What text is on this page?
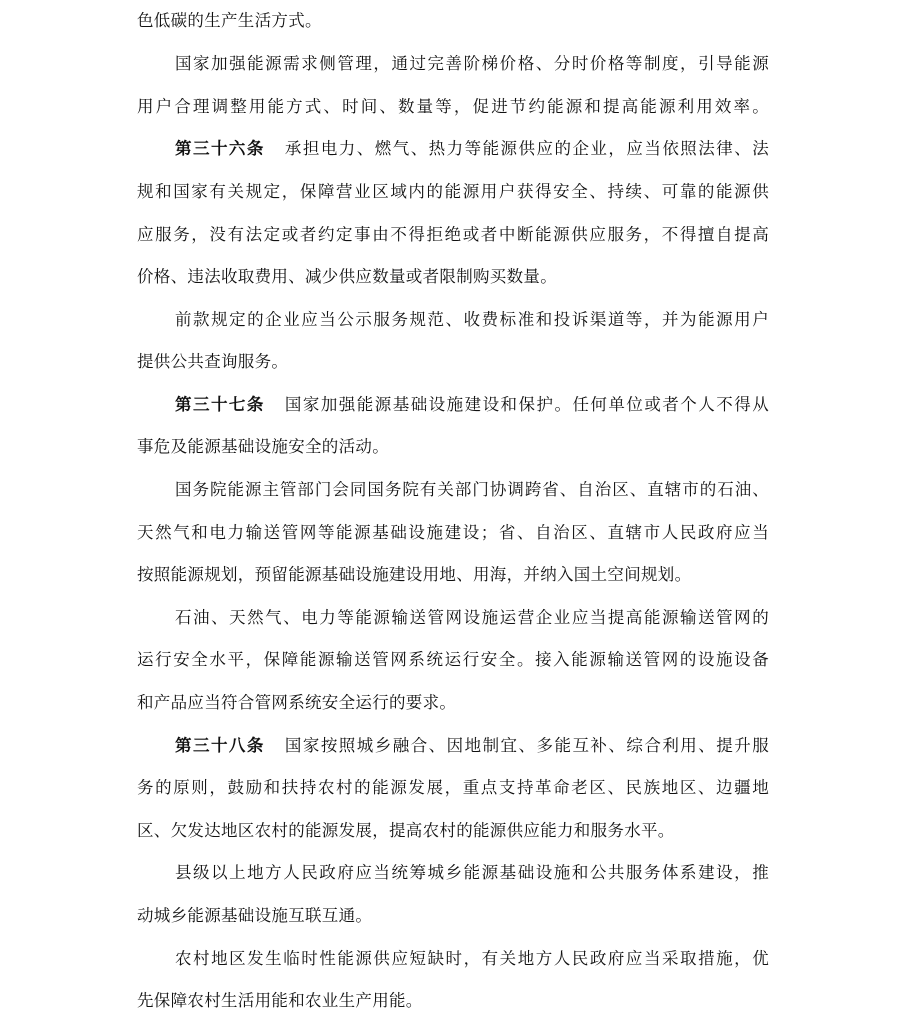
色低碳的生产生活方式。
国家加强能源需求侧管理，通过完善阶梯价格、分时价格等制度，引导能源
用户合理调整用能方式、时间、数量等，促进节约能源和提高能源利用效率。
第三十六条 承担电力、燃气、热力等能源供应的企业，应当依照法律、法
规和国家有关规定，保障营业区域内的能源用户获得安全、持续、可靠的能源供
应服务，没有法定或者约定事由不得拒绝或者中断能源供应服务，不得擅自提高
价格、违法收取费用、减少供应数量或者限制购买数量。
前款规定的企业应当公示服务规范、收费标准和投诉渠道等，并为能源用户
提供公共查询服务。
第三十七条 国家加强能源基础设施建设和保护。任何单位或者个人不得从
事危及能源基础设施安全的活动。
国务院能源主管部门会同国务院有关部门协调跨省、自治区、直辖市的石油、
天然气和电力输送管网等能源基础设施建设；省、自治区、直辖市人民政府应当
按照能源规划，预留能源基础设施建设用地、用海，并纳入国土空间规划。
石油、天然气、电力等能源输送管网设施运营企业应当提高能源输送管网的
运行安全水平，保障能源输送管网系统运行安全。接入能源输送管网的设施设备
和产品应当符合管网系统安全运行的要求。
第三十八条 国家按照城乡融合、因地制宜、多能互补、综合利用、提升服
务的原则，鼓励和扶持农村的能源发展，重点支持革命老区、民族地区、边疆地
区、欠发达地区农村的能源发展，提高农村的能源供应能力和服务水平。
县级以上地方人民政府应当统筹城乡能源基础设施和公共服务体系建设，推
动城乡能源基础设施互联互通。
农村地区发生临时性能源供应短缺时，有关地方人民政府应当采取措施，优
先保障农村生活用能和农业生产用能。
